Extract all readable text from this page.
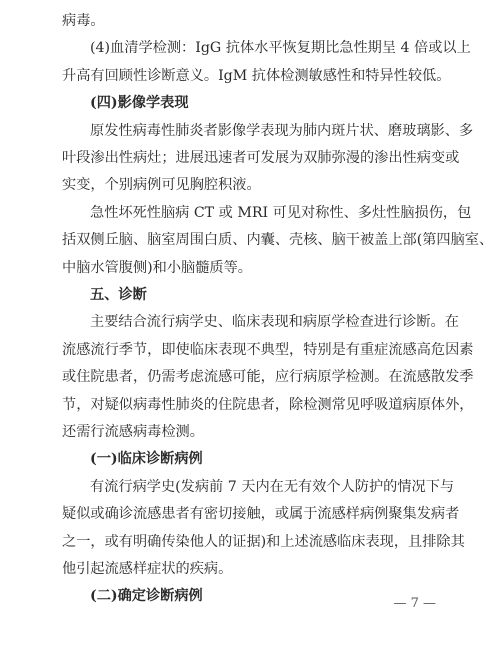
病毒。
(4)血清学检测：IgG 抗体水平恢复期比急性期呈 4 倍或以上
升高有回顾性诊断意义。IgM 抗体检测敏感性和特异性较低。
(四)影像学表现
原发性病毒性肺炎者影像学表现为肺内斑片状、磨玻璃影、多
叶段渗出性病灶；进展迅速者可发展为双肺弥漫的渗出性病变或
实变，个别病例可见胸腔积液。
急性坏死性脑病 CT 或 MRI 可见对称性、多灶性脑损伤，包
括双侧丘脑、脑室周围白质、内囊、壳核、脑干被盖上部(第四脑室、
中脑水管腹侧)和小脑髓质等。
五、诊断
主要结合流行病学史、临床表现和病原学检查进行诊断。在
流感流行季节，即使临床表现不典型，特别是有重症流感高危因素
或住院患者，仍需考虑流感可能，应行病原学检测。在流感散发季
节，对疑似病毒性肺炎的住院患者，除检测常见呼吸道病原体外，
还需行流感病毒检测。
(一)临床诊断病例
有流行病学史(发病前 7 天内在无有效个人防护的情况下与
疑似或确诊流感患者有密切接触，或属于流感样病例聚集发病者
之一，或有明确传染他人的证据)和上述流感临床表现，且排除其
他引起流感样症状的疾病。
(二)确定诊断病例	— 7 —
